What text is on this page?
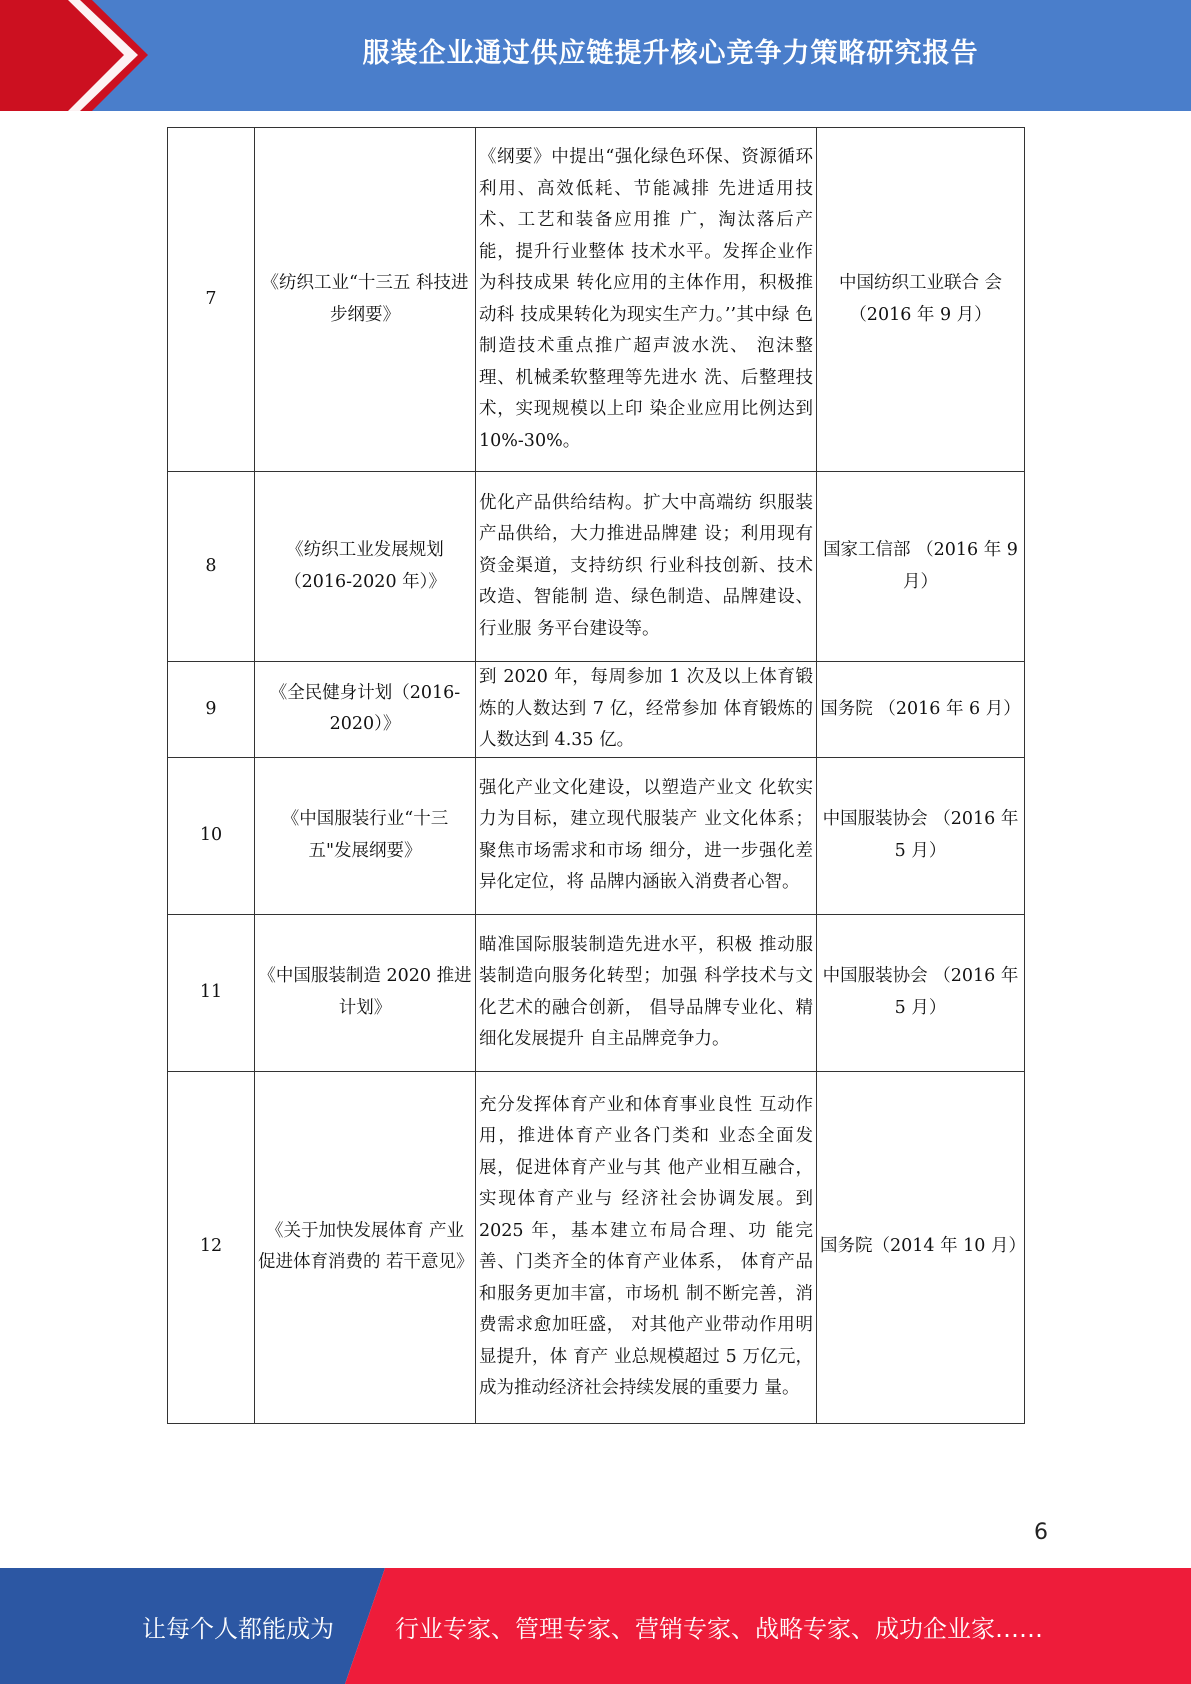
服装企业通过供应链提升核心竞争力策略研究报告
7	《纺织工业“十三五 科技进步纲要》	《纲要》中提出“强化绿色环保、资源循环利用、高效低耗、节能减排 先进适用技术、工艺和装备应用推 广，淘汰落后产能，提升行业整体 技术水平。发挥企业作为科技成果 转化应用的主体作用，积极推动科 技成果转化为现实生产力。’’其中绿 色制造技术重点推广超声波水洗、 泡沫整理、机械柔软整理等先进水 洗、后整理技术，实现规模以上印 染企业应用比例达到10%-30%。	中国纺织工业联合 会（2016 年 9 月）
8	《纺织工业发展规划（2016-2020 年）》	优化产品供给结构。扩大中高端纺 织服装产品供给，大力推进品牌建 设；利用现有资金渠道，支持纺织 行业科技创新、技术改造、智能制 造、绿色制造、品牌建设、行业服 务平台建设等。	国家工信部 （2016 年 9 月）
9	《全民健身计划（2016-2020）》	到 2020 年，每周参加 1 次及以上体育锻炼的人数达到 7 亿，经常参加 体育锻炼的人数达到 4.35 亿。	国务院 （2016 年 6 月）
10	《中国服装行业“十三 五"发展纲要》	强化产业文化建设，以塑造产业文 化软实力为目标，建立现代服装产 业文化体系；聚焦市场需求和市场 细分，进一步强化差异化定位，将 品牌内涵嵌入消费者心智。	中国服装协会 （2016 年 5 月）
11	《中国服装制造 2020 推进计划》	瞄准国际服装制造先进水平，积极 推动服装制造向服务化转型；加强 科学技术与文化艺术的融合创新， 倡导品牌专业化、精细化发展提升 自主品牌竞争力。	中国服装协会 （2016 年 5 月）
12	《关于加快发展体育 产业促进体育消费的 若干意见》	充分发挥体育产业和体育事业良性 互动作用，推进体育产业各门类和 业态全面发展，促进体育产业与其 他产业相互融合，实现体育产业与 经济社会协调发展。到 2025 年，基本建立布局合理、功 能完善、门类齐全的体育产业体系， 体育产品和服务更加丰富，市场机 制不断完善，消费需求愈加旺盛， 对其他产业带动作用明显提升，体 育产 业总规模超过 5 万亿元，成为推动经济社会持续发展的重要力 量。	国务院（2014 年 10 月）
6
让每个人都能成为	行业专家、管理专家、营销专家、战略专家、成功企业家……
